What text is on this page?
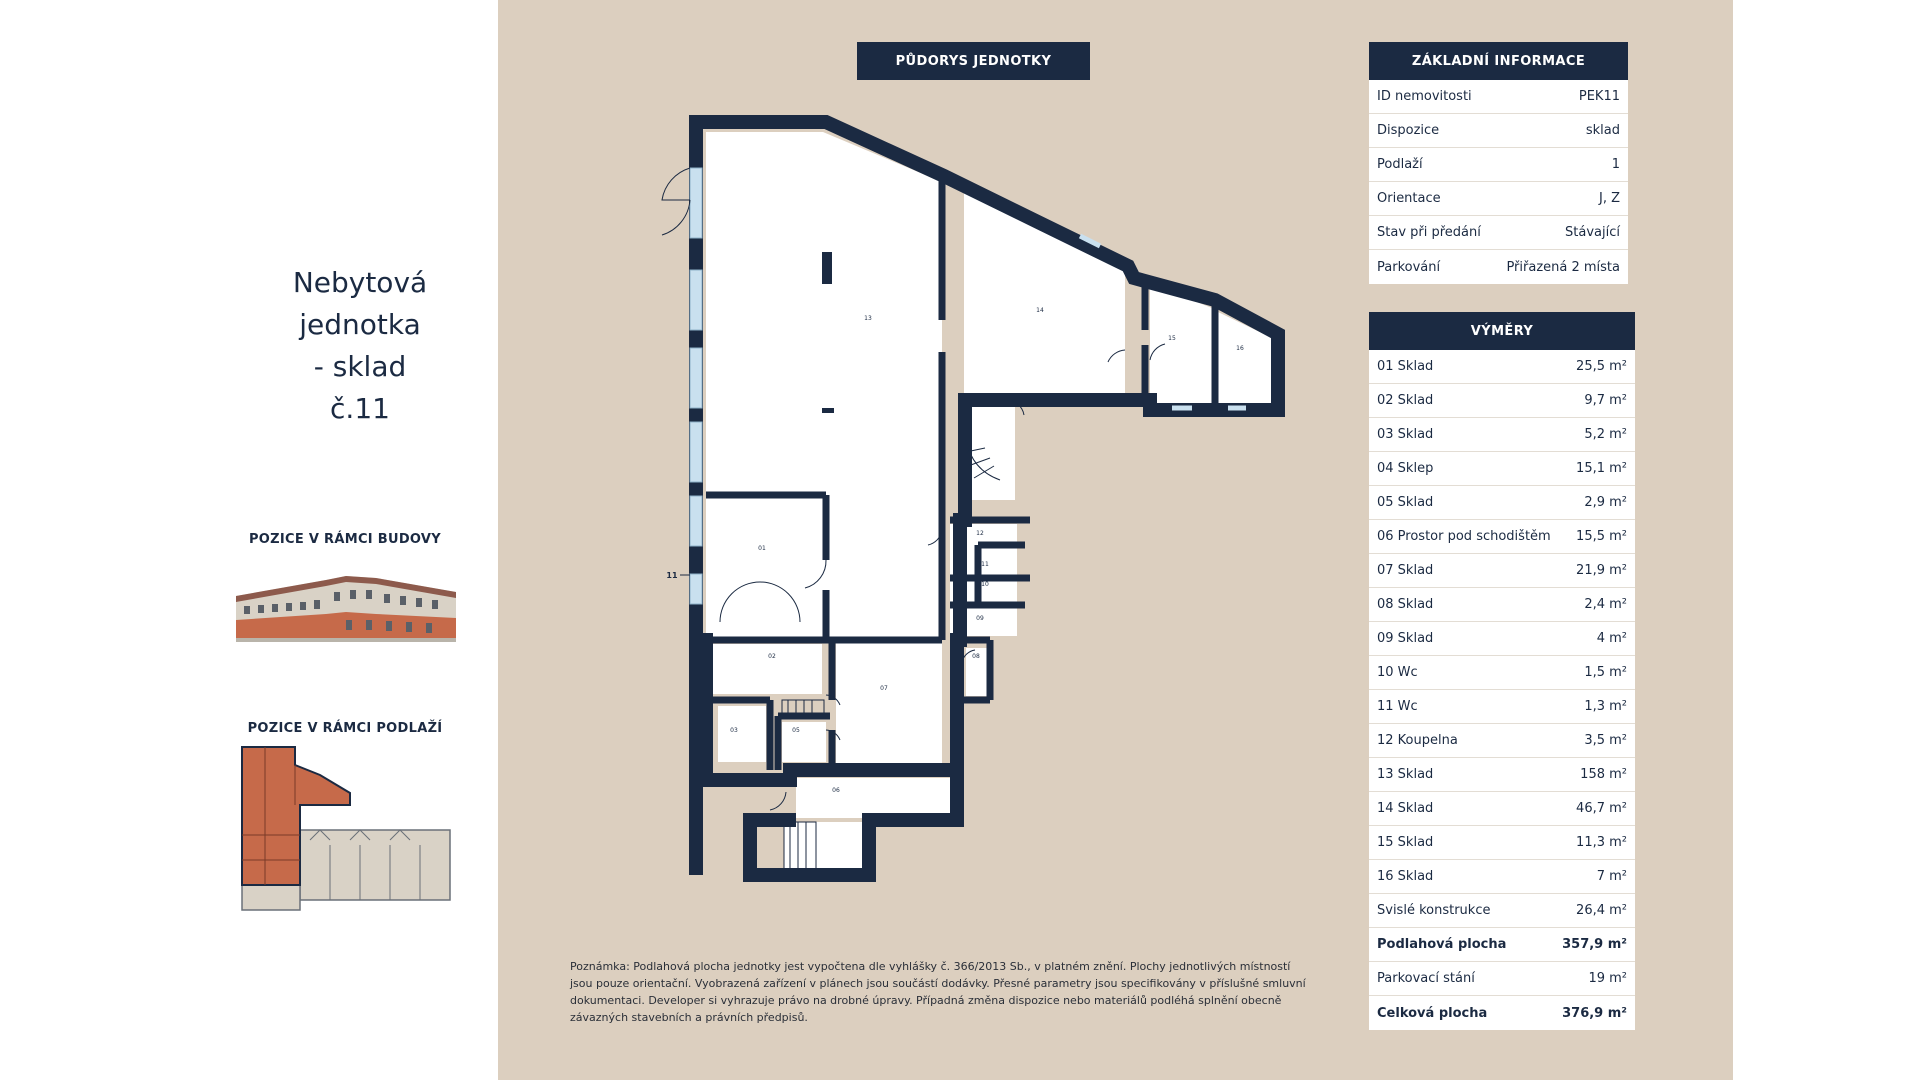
Nebytová
jednotka
- sklad
č.11
POZICE V RÁMCI BUDOVY
POZICE V RÁMCI PODLAŽÍ
PŮDORYS JEDNOTKY
13
14
15
16
01
02
03	05
06
07
08
09
10
11
12
11
ZÁKLADNÍ INFORMACE
ID nemovitosti	PEK11
Dispozice	sklad
Podlaží	1
Orientace	J, Z
Stav při předání	Stávající
Parkování	Přiřazená 2 místa
VÝMĚRY
01 Sklad	25,5 m²
02 Sklad	9,7 m²
03 Sklad	5,2 m²
04 Sklep	15,1 m²
05 Sklad	2,9 m²
06 Prostor pod schodištěm 15,5 m²
07 Sklad	21,9 m²
08 Sklad	2,4 m²
09 Sklad	4 m²
10 Wc	1,5 m²
11 Wc	1,3 m²
12 Koupelna	3,5 m²
13 Sklad	158 m²
14 Sklad	46,7 m²
15 Sklad	11,3 m²
16 Sklad	7 m²
Svislé konstrukce	26,4 m²
Podlahová plocha	357,9 m²
Parkovací stání	19 m²
Celková plocha	376,9 m²
Poznámka: Podlahová plocha jednotky jest vypočtena dle vyhlášky č. 366/2013 Sb., v platném znění. Plochy jednotlivých místností jsou pouze orientační. Vyobrazená zařízení v plánech jsou součástí dodávky. Přesné parametry jsou specifikovány v příslušné smluvní dokumentaci. Developer si vyhrazuje právo na drobné úpravy. Případná změna dispozice nebo materiálů podléhá splnění obecně závazných stavebních a právních předpisů.
